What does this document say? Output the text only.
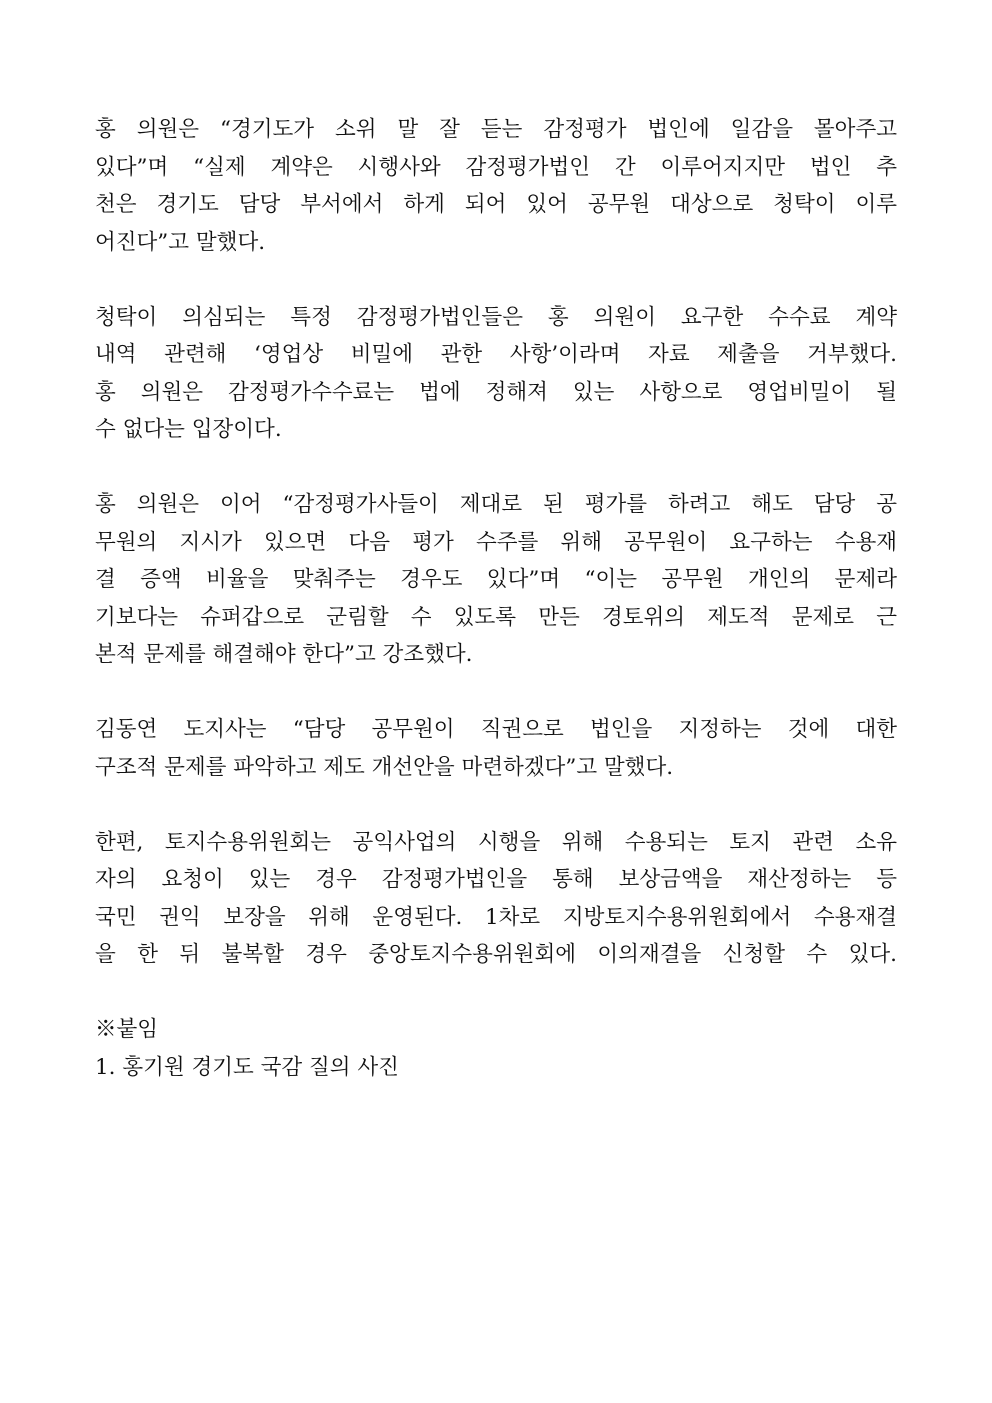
홍 의원은 “경기도가 소위 말 잘 듣는 감정평가 법인에 일감을 몰아주고
있다”며 “실제 계약은 시행사와 감정평가법인 간 이루어지지만 법인 추
천은 경기도 담당 부서에서 하게 되어 있어 공무원 대상으로 청탁이 이루
어진다”고 말했다.
청탁이 의심되는 특정 감정평가법인들은 홍 의원이 요구한 수수료 계약
내역 관련해 ‘영업상 비밀에 관한 사항’이라며 자료 제출을 거부했다.
홍 의원은 감정평가수수료는 법에 정해져 있는 사항으로 영업비밀이 될
수 없다는 입장이다.
홍 의원은 이어 “감정평가사들이 제대로 된 평가를 하려고 해도 담당 공
무원의 지시가 있으면 다음 평가 수주를 위해 공무원이 요구하는 수용재
결 증액 비율을 맞춰주는 경우도 있다”며 “이는 공무원 개인의 문제라
기보다는 슈퍼갑으로 군림할 수 있도록 만든 경토위의 제도적 문제로 근
본적 문제를 해결해야 한다”고 강조했다.
김동연 도지사는 “담당 공무원이 직권으로 법인을 지정하는 것에 대한
구조적 문제를 파악하고 제도 개선안을 마련하겠다”고 말했다.
한편, 토지수용위원회는 공익사업의 시행을 위해 수용되는 토지 관련 소유
자의 요청이 있는 경우 감정평가법인을 통해 보상금액을 재산정하는 등
국민 권익 보장을 위해 운영된다. 1차로 지방토지수용위원회에서 수용재결
을 한 뒤 불복할 경우 중앙토지수용위원회에 이의재결을 신청할 수 있다.
※붙임
1. 홍기원 경기도 국감 질의 사진
